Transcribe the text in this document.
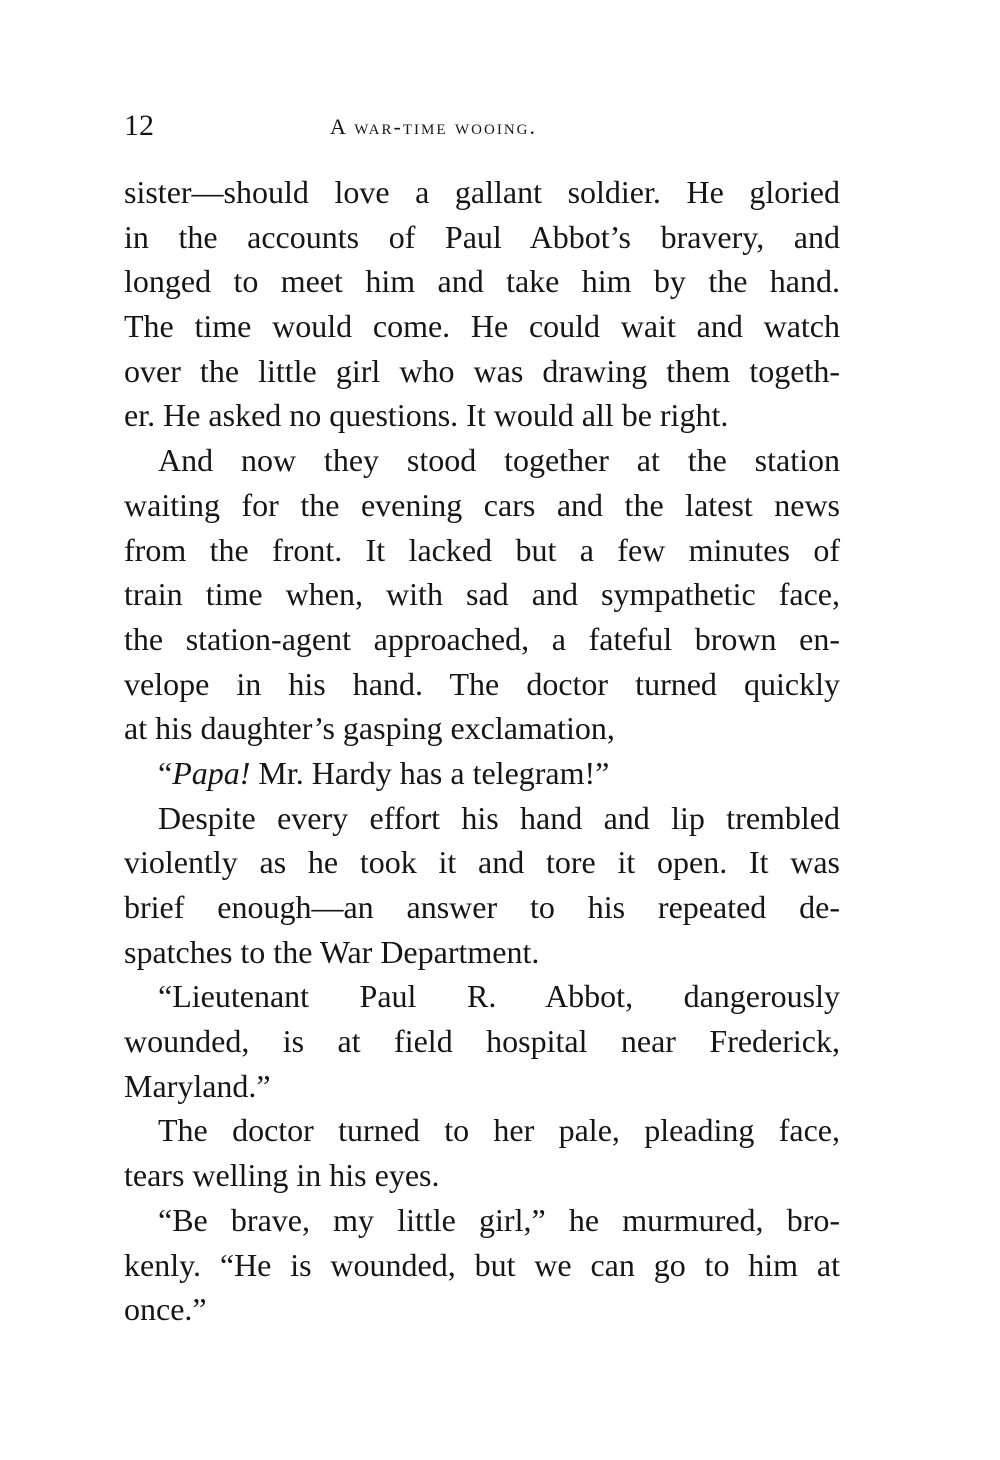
12	a war-time wooing.
sister—should love a gallant soldier. He gloried
in the accounts of Paul Abbot’s bravery, and
longed to meet him and take him by the hand.
The time would come. He could wait and watch
over the little girl who was drawing them togeth-
er. He asked no questions. It would all be right.
And now they stood together at the station
waiting for the evening cars and the latest news
from the front. It lacked but a few minutes of
train time when, with sad and sympathetic face,
the station-agent approached, a fateful brown en-
velope in his hand. The doctor turned quickly
at his daughter’s gasping exclamation,
“Papa! Mr. Hardy has a telegram!”
Despite every effort his hand and lip trembled
violently as he took it and tore it open. It was
brief enough—an answer to his repeated de-
spatches to the War Department.
“Lieutenant Paul R. Abbot, dangerously
wounded, is at field hospital near Frederick,
Maryland.”
The doctor turned to her pale, pleading face,
tears welling in his eyes.
“Be brave, my little girl,” he murmured, bro-
kenly. “He is wounded, but we can go to him at
once.”
